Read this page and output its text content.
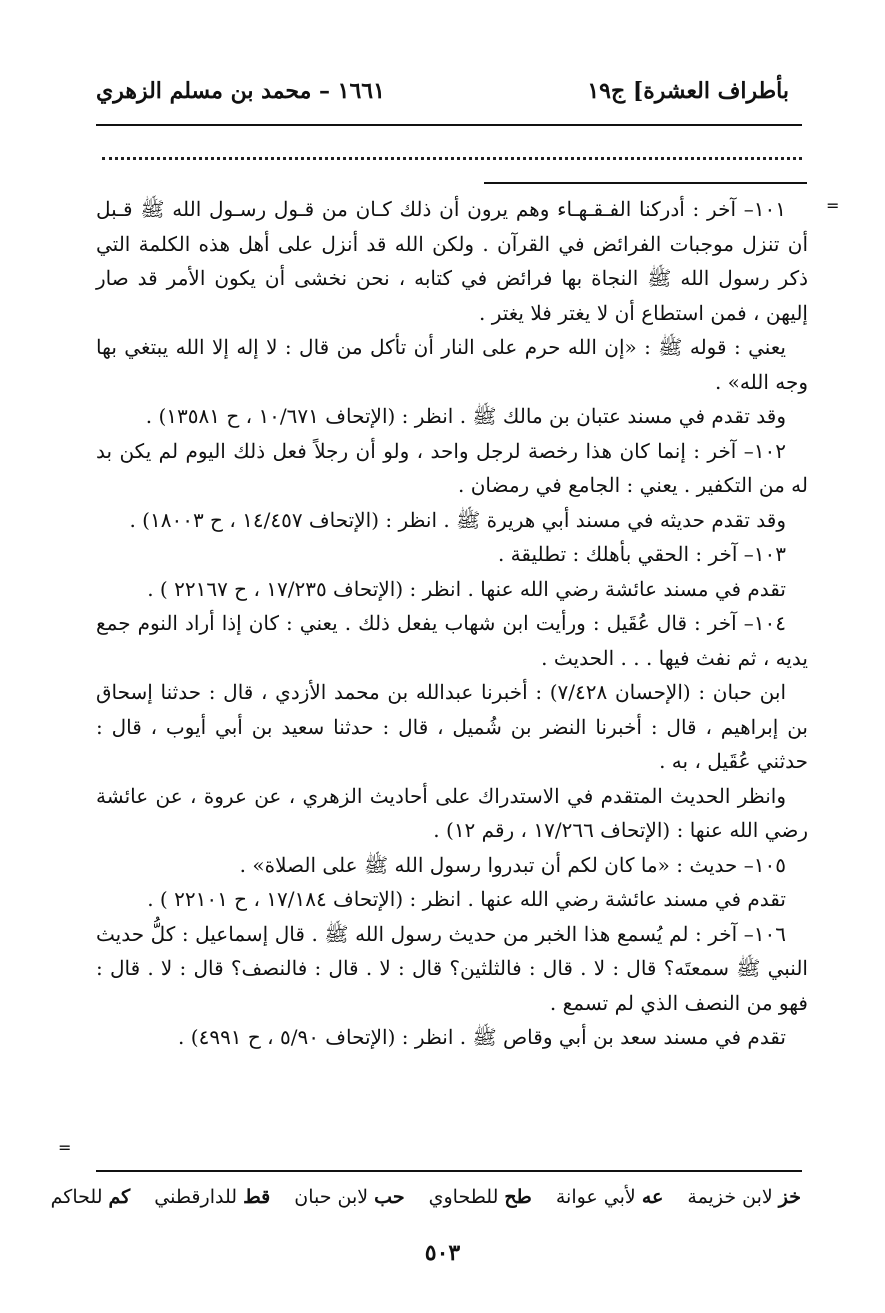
بأطراف العشرة] ج١٩
١٦٦١ – محمد بن مسلم الزهري
=
=

١٠١– آخر : أدركنا الفـقـهـاء وهم يرون أن ذلك كـان من قـول رسـول الله ﷺ قـبل أن تنزل موجبات الفرائض في القرآن . ولكن الله قد أنزل على أهل هذه الكلمة التي ذكر رسول الله ﷺ النجاة بها فرائض في كتابه ، نحن نخشى أن يكون الأمر قد صار إليهن ، فمن استطاع أن لا يغتر فلا يغتر .

يعني : قوله ﷺ : «إن الله حرم على النار أن تأكل من قال : لا إله إلا الله يبتغي بها وجه الله» .

وقد تقدم في مسند عتبان بن مالك ﷺ . انظر : (الإتحاف ١٠/٦٧١ ، ح ١٣٥٨١) .

١٠٢– آخر : إنما كان هذا رخصة لرجل واحد ، ولو أن رجلاً فعل ذلك اليوم لم يكن بد له من التكفير . يعني : الجامع في رمضان .

وقد تقدم حديثه في مسند أبي هريرة ﷺ . انظر : (الإتحاف ١٤/٤٥٧ ، ح ١٨٠٠٣) .

١٠٣– آخر : الحقي بأهلك : تطليقة .

تقدم في مسند عائشة رضي الله عنها . انظر : (الإتحاف ١٧/٢٣٥ ، ح ٢٢١٦٧ ) .

١٠٤– آخر : قال عُقَيل : ورأيت ابن شهاب يفعل ذلك . يعني : كان إذا أراد النوم جمع يديه ، ثم نفث فيها . . . الحديث .

ابن حبان : (الإحسان ٧/٤٢٨) : أخبرنا عبدالله بن محمد الأزدي ، قال : حدثنا إسحاق بن إبراهيم ، قال : أخبرنا النضر بن شُميل ، قال : حدثنا سعيد بن أبي أيوب ، قال : حدثني عُقَيل ، به .

وانظر الحديث المتقدم في الاستدراك على أحاديث الزهري ، عن عروة ، عن عائشة رضي الله عنها : (الإتحاف ١٧/٢٦٦ ، رقم ١٢) .

١٠٥– حديث : «ما كان لكم أن تبدروا رسول الله ﷺ على الصلاة» .

تقدم في مسند عائشة رضي الله عنها . انظر : (الإتحاف ١٧/١٨٤ ، ح ٢٢١٠١ ) .

١٠٦– آخر : لم يُسمع هذا الخبر من حديث رسول الله ﷺ . قال إسماعيل : كلُّ حديث النبي ﷺ سمعتَه؟ قال : لا . قال : فالثلثين؟ قال : لا . قال : فالنصف؟ قال : لا . قال : فهو من النصف الذي لم تسمع .

تقدم في مسند سعد بن أبي وقاص ﷺ . انظر : (الإتحاف ٥/٩٠ ، ح ٤٩٩١) .

خز لابن خزيمة عه لأبي عوانة طح للطحاوي حب لابن حبان قط للدارقطني كم للحاكم
٥٠٣
